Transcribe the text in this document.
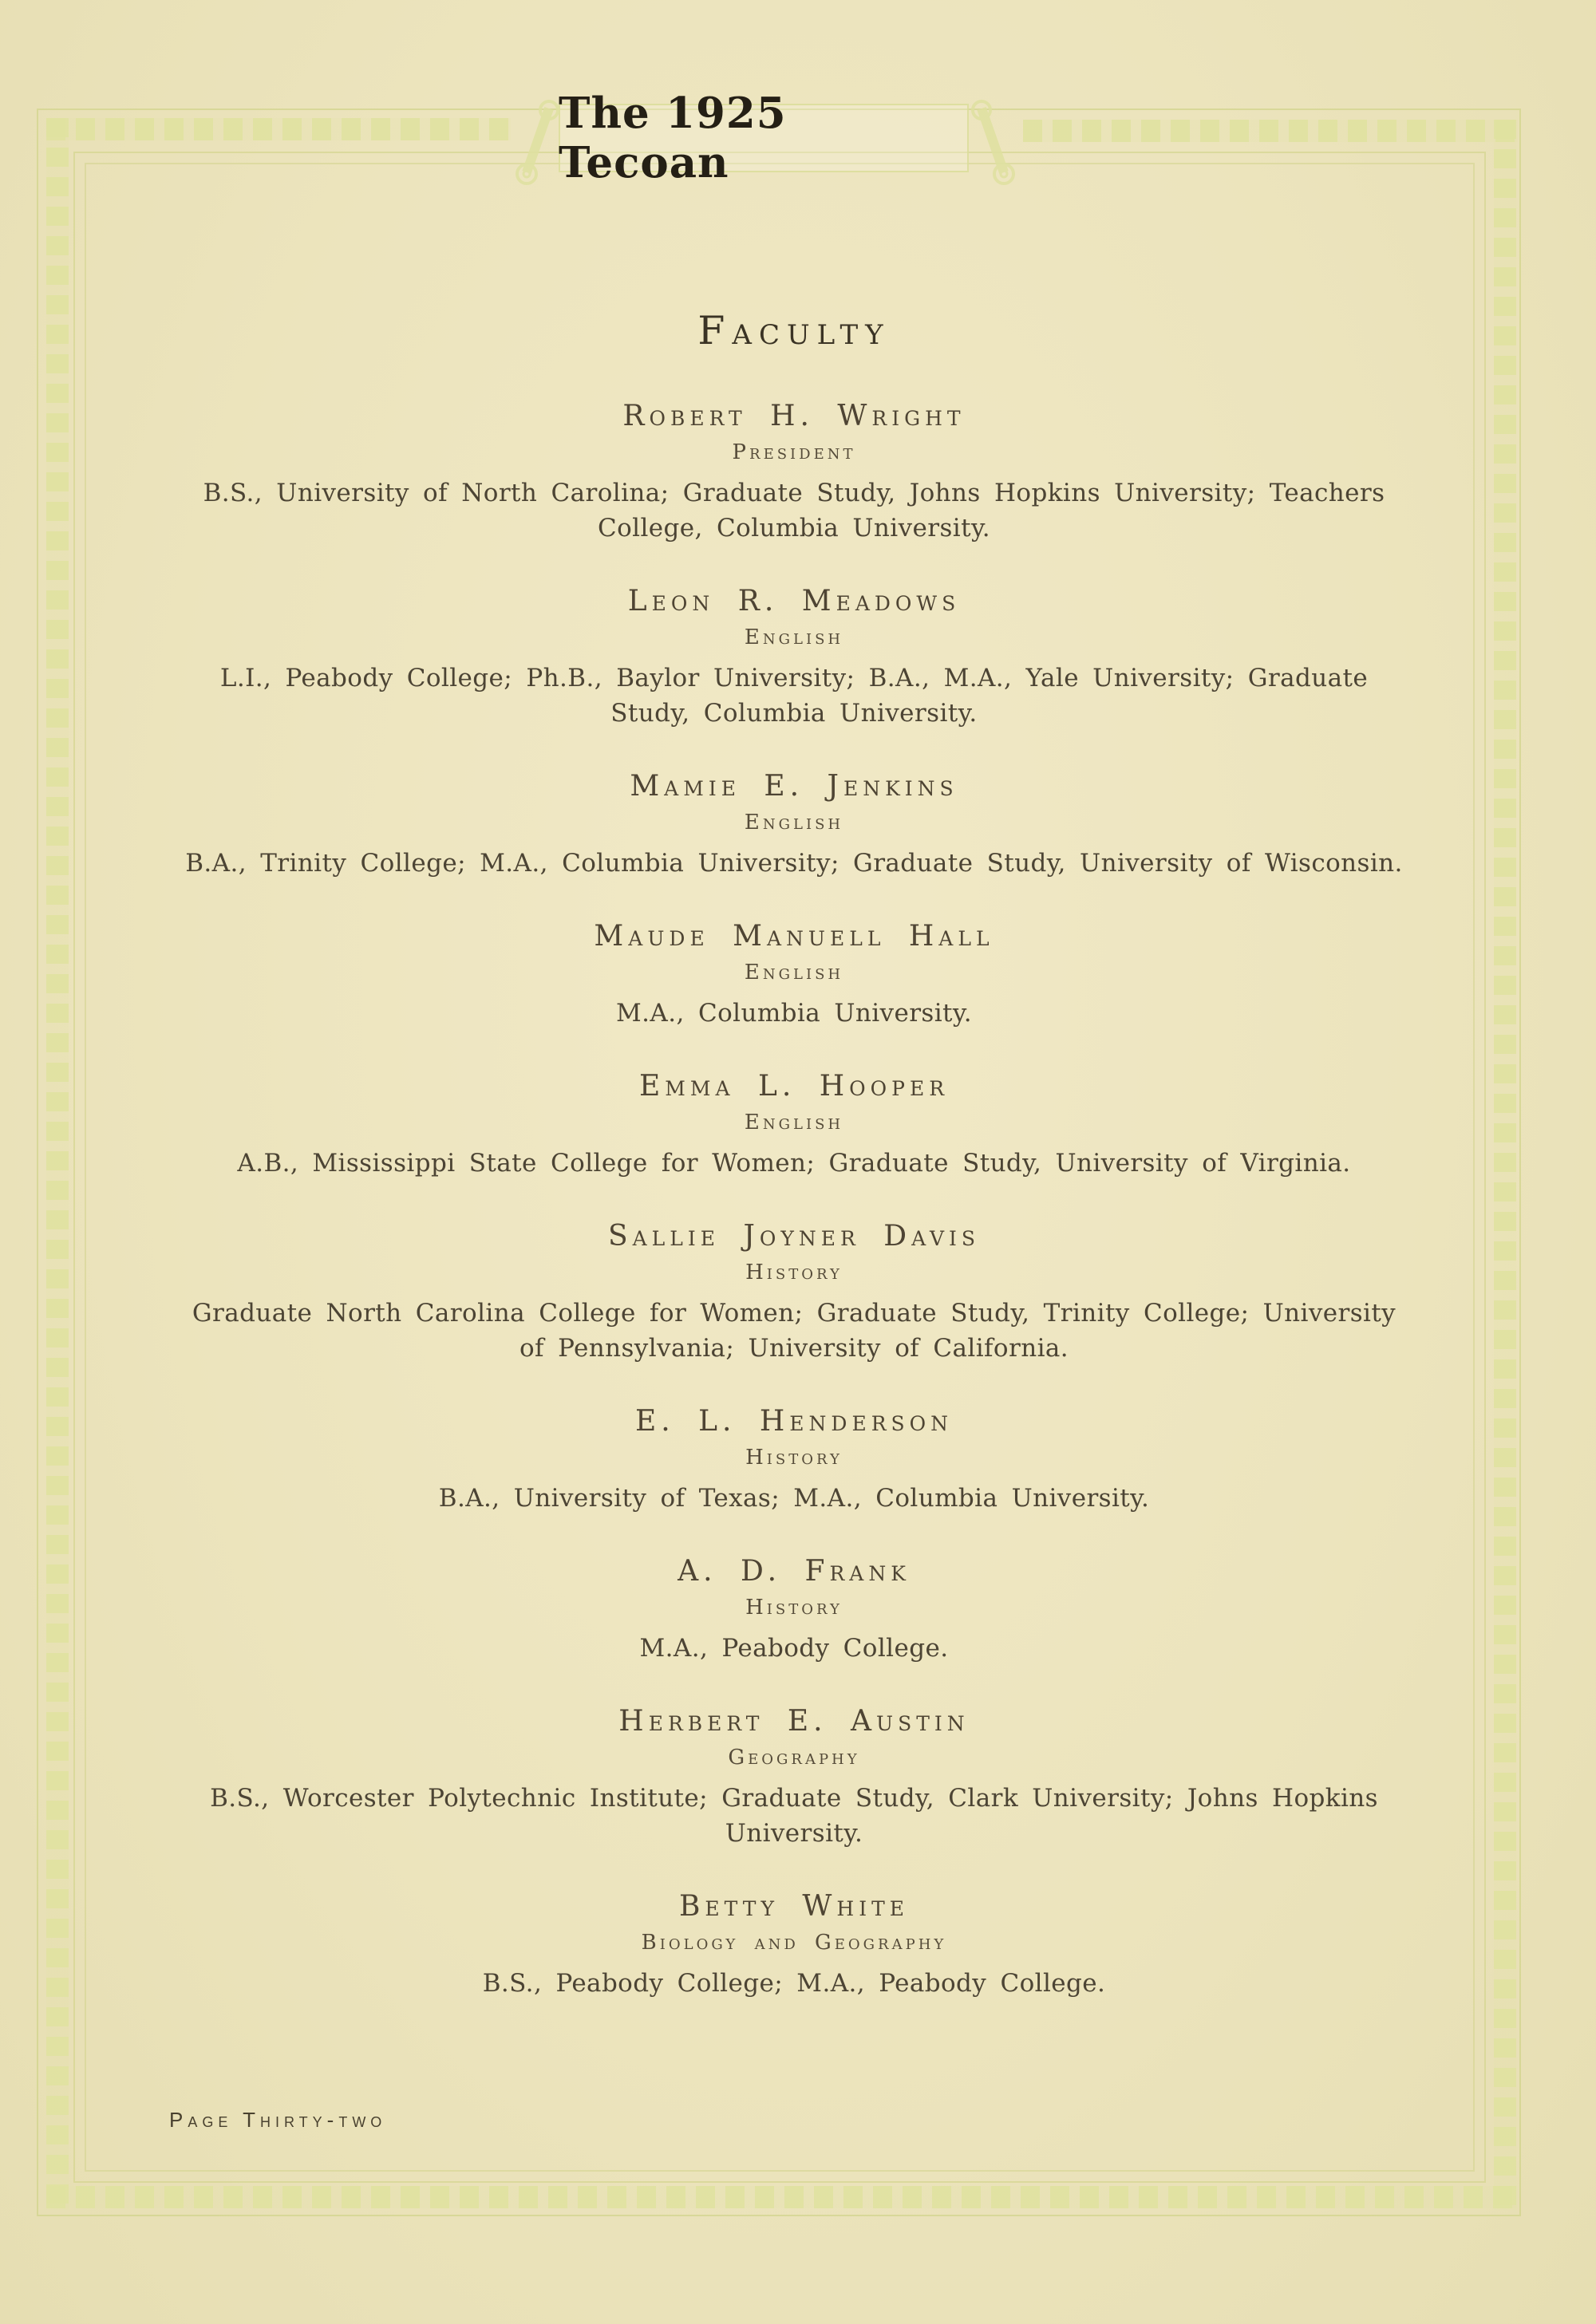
The 1925 Tecoan
Faculty
Robert H. Wright
President
B.S., University of North Carolina; Graduate Study, Johns Hopkins University; Teachers
College, Columbia University.
Leon R. Meadows
English
L.I., Peabody College; Ph.B., Baylor University; B.A., M.A., Yale University; Graduate
Study, Columbia University.
Mamie E. Jenkins
English
B.A., Trinity College; M.A., Columbia University; Graduate Study, University of Wisconsin.
Maude Manuell Hall
English
M.A., Columbia University.
Emma L. Hooper
English
A.B., Mississippi State College for Women; Graduate Study, University of Virginia.
Sallie Joyner Davis
History
Graduate North Carolina College for Women; Graduate Study, Trinity College; University
of Pennsylvania; University of California.
E. L. Henderson
History
B.A., University of Texas; M.A., Columbia University.
A. D. Frank
History
M.A., Peabody College.
Herbert E. Austin
Geography
B.S., Worcester Polytechnic Institute; Graduate Study, Clark University; Johns Hopkins
University.
Betty White
Biology and Geography
B.S., Peabody College; M.A., Peabody College.
Page Thirty-two
